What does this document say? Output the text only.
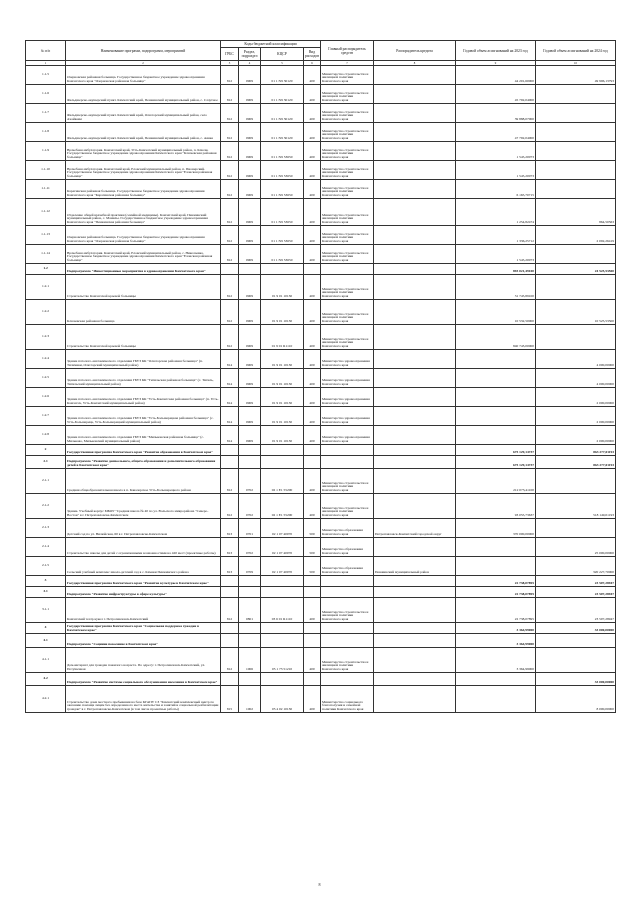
№ п/п	Наименование программ, подпрограмм, мероприятий	Коды бюджетной классификации				Главный распорядитель средств	Распорядитель кредита	Годовой объем ассигнований на 2023 год	Годовой объем ассигнований на 2024 год
		ГРБС	Раздел, подраздел	КЦСР	Вид расходов				
1	2	3	4	5	6	7	8	9	10
1.1.5	Озерновская районная больница. Государственное бюджетное учреждение здравоохранения Камчатского края "Озерновская районная больница"	812	0909	01 1 N9 30120	400	Министерство строительства и жилищной политики Камчатского края		44 201,60000	49 996,13793
1.1.6	Фельдшерско-акушерский пункт. Камчатский край, Пенжинский муниципальный район, с. Слаутное	812	0909	01 1 N9 30120	400	Министерство строительства и жилищной политики Камчатского края		45 792,04000	
1.1.7	Фельдшерско-акушерский пункт. Камчатский край, Олюторский муниципальный район, село Ачайваям	812	0909	01 1 N9 30120	400	Министерство строительства и жилищной политики Камчатского края		39 888,07000	
1.1.8	Фельдшерско-акушерский пункт. Камчатский край, Пенжинский муниципальный район, с. Аянка	812	0909	01 1 N9 30120	400	Министерство строительства и жилищной политики Камчатского края		47 792,04000	
1.1.9	Врачебная амбулатория. Камчатский край, Усть-Камчатский муниципальный район, п. Ключи. Государственное бюджетное учреждение здравоохранения Камчатского края "Ключевская районная больница"	812	0909	01 1 N9 53650	400	Министерство строительства и жилищной политики Камчатского края		1 545,20073	
1.1.10	Врачебная амбулатория. Камчатский край, Еловский муниципальный район, п. Пионерский. Государственное бюджетное учреждение здравоохранения Камчатского края "Еловская районная больница"	812	0909	01 1 N9 53650	400	Министерство строительства и жилищной политики Камчатского края		1 545,20073	
1.1.11	Карагинская районная больница. Государственное бюджетное учреждение здравоохранения Камчатского края "Карагинская районная больница"	812	0909	01 1 N9 53650	400	Министерство строительства и жилищной политики Камчатского края		6 165,70715	
1.1.12	Отделение общей врачебной практики (семейной медицины). Камчатский край, Пенжинский муниципальный район, с. Манилы. Государственное бюджетное учреждение здравоохранения Камчатского края "Пенжинская районная больница"	812	0909	01 1 N9 53650	400	Министерство строительства и жилищной политики Камчатского края		1 254,82474	864,50563
1.1.13	Озерновская районная больница. Государственное бюджетное учреждение здравоохранения Камчатского края "Озерновская районная больница"	812	0909	01 1 N9 53650	400	Министерство строительства и жилищной политики Камчатского края		1 336,25712	2 092,26419
1.1.14	Врачебная амбулатория. Камчатский край, Еловский муниципальный район, с. Николаевка. Государственное бюджетное учреждение здравоохранения Камчатского края "Еловская районная больница"	812	0909	01 1 N9 53650	400	Министерство строительства и жилищной политики Камчатского края		1 545,20073	
1.2	Подпрограмма "Инвестиционные мероприятия в здравоохранении Камчатского края"							893 021,49100	24 525,53500
1.2.1	Строительство Камчатской краевой больницы	812	0909	01 9 01 10130	400	Министерство строительства и жилищной политики Камчатского края		31 745,89100	
1.2.2	Ключевская районная больница	812	0909	01 9 01 10130	400	Министерство строительства и жилищной политики Камчатского края		10 532,50000	10 525,53500
1.2.3	Строительство Камчатской краевой больницы	812	0909	01 9 01 R1110	400	Министерство строительства и жилищной политики Камчатского края		840 743,00000	
1.2.4	Здание патолого-анатомического отделения ГБУЗ КК "Олюторская районная больница" (п. Тиличики, Олюторский муниципальный район)	814	0909	01 9 01 10130	400	Министерство здравоохранения Камчатского края			4 000,00000
1.2.5	Здание патолого-анатомического отделения ГБУЗ КК "Тигильская районная больница" (с. Тигиль, Тигильский муниципальный район)	814	0909	01 9 01 10130	400	Министерство здравоохранения Камчатского края			4 000,00000
1.2.6	Здание патолого-анатомического отделения ГБУЗ КК "Усть-Камчатская районная больница" (п. Усть-Камчатск, Усть-Камчатский муниципальный район)	814	0909	01 9 01 10130	400	Министерство здравоохранения Камчатского края			2 000,00000
1.2.7	Здание патолого-анатомического отделения ГБУЗ КК "Усть-Большерецкая районная больница" (с. Усть-Большерецк, Усть-Большерецкий муниципальный район)	814	0909	01 9 01 10130	400	Министерство здравоохранения Камчатского края			2 000,00000
1.2.8	Здание патолого-анатомического отделения ГБУЗ КК "Мильковская районная больница" (с. Мильково, Мильковский муниципальный район)	814	0909	01 9 01 10130	400	Министерство здравоохранения Камчатского края			2 000,00000
2	Государственная программа Камчатского края "Развитие образования в Камчатском крае"							675 129,14737	863 277,01193
2.1	Подпрограмма "Развитие дошкольного, общего образования и дополнительного образования детей в Камчатском крае"							675 129,14737	863 277,01193
2.1.1	Средняя общеобразовательная школа в п. Кавалерское Усть-Большерецкого района	812	0702	02 1 E1 55200	400	Министерство строительства и жилищной политики Камчатского края		212 073,41100	
2.1.2	Здание. Учебный корпус МБОУ "Средняя школа № 40 по ул. Вольского микрорайона "Северо-Восток" в г. Петропавловске-Камчатском	812	0702	02 1 E1 55200	400	Министерство строительства и жилищной политики Камчатского края		93 055,73637	518 149,01193
2.1.3	Детский сад по ул. Вилюйская, 60 в г. Петропавловске-Камчатском	813	0701	02 1 07 40070	500	Министерство образования Камчатского края	Петропавловск-Камчатский городской округ	370 000,00000	
2.1.4	Строительство школы для детей с ограниченными возможностями на 420 мест (проектные работы)	813	0702	02 1 07 40070	500	Министерство образования Камчатского края			25 000,00000
2.1.5	Сельский учебный комплекс школа-детский сад в с. Камаки Пенжинского района	813	0709	02 1 07 40070	500	Министерство образования Камчатского края	Пенжинский муниципальный район		320 227,70000
3	Государственная программа Камчатского края "Развитие культуры в Камчатском крае"							22 738,07895	23 507,28947
3.1	Подпрограмма "Развитие инфраструктуры в сфере культуры"							22 738,07895	23 507,28947
3.1.1	Камчатский театр кукол г. Петропавловск-Камчатский	812	0801	03 6 01 R1110	400	Министерство строительства и жилищной политики Камчатского края		22 738,07895	23 507,28947
4	Государственная программа Камчатского края "Социальная поддержка граждан в Камчатском крае"							3 364,99000	33 000,00000
4.1	Подпрограмма "Социнне поколение в Камчатском крае"							3 364,99000	
4.1.1	Дом-интернат для граждан пожилого возраста. По адресу: г. Петропавловск-Камчатский, ул. Потушечная	812	1006	05 1 73 51210	400	Министерство строительства и жилищной политики Камчатского края		3 364,99000	
4.2	Подпрограмма "Развитие системы социального обслуживания населения в Камчатском крае"								33 000,00000
4.2.1	Строительство дома местного пребывания на базе КГАПУ СЗ "Камчатский комплексный центр по оказанию помощи лицам без определенного места жительства и занятий и социальной реабилитации граждан" в г. Петропавловске-Камчатском (в том числе проектные работы)	815	1002	05 4 02 10130	400	Министерство социального благополучия и семейной политики Камчатского края			8 000,00000
8
